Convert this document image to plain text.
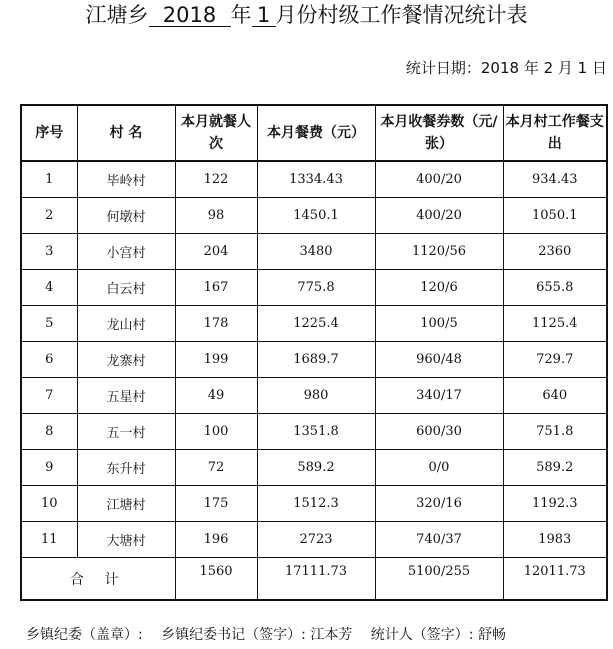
江塘乡 2018 年 1 月份村级工作餐情况统计表
统计日期：2018 年 2 月 1 日
序号	村 名	本月就餐人 次	本月餐费（元）	本月收餐券数（元/张）	本月村工作餐支出
1	毕岭村	122	1334.43	400/20	934.43
2	何墩村	98	1450.1	400/20	1050.1
3	小宫村	204	3480	1120/56	2360
4	白云村	167	775.8	120/6	655.8
5	龙山村	178	1225.4	100/5	1125.4
6	龙寨村	199	1689.7	960/48	729.7
7	五星村	49	980	340/17	640
8	五一村	100	1351.8	600/30	751.8
9	东升村	72	589.2	0/0	589.2
10	江塘村	175	1512.3	320/16	1192.3
11	大塘村	196	2723	740/37	1983
合 计		1560	17111.73	5100/255	12011.73
乡镇纪委（盖章）: 乡镇纪委书记（签字）: 江本芳 统计人（签字）: 舒畅
